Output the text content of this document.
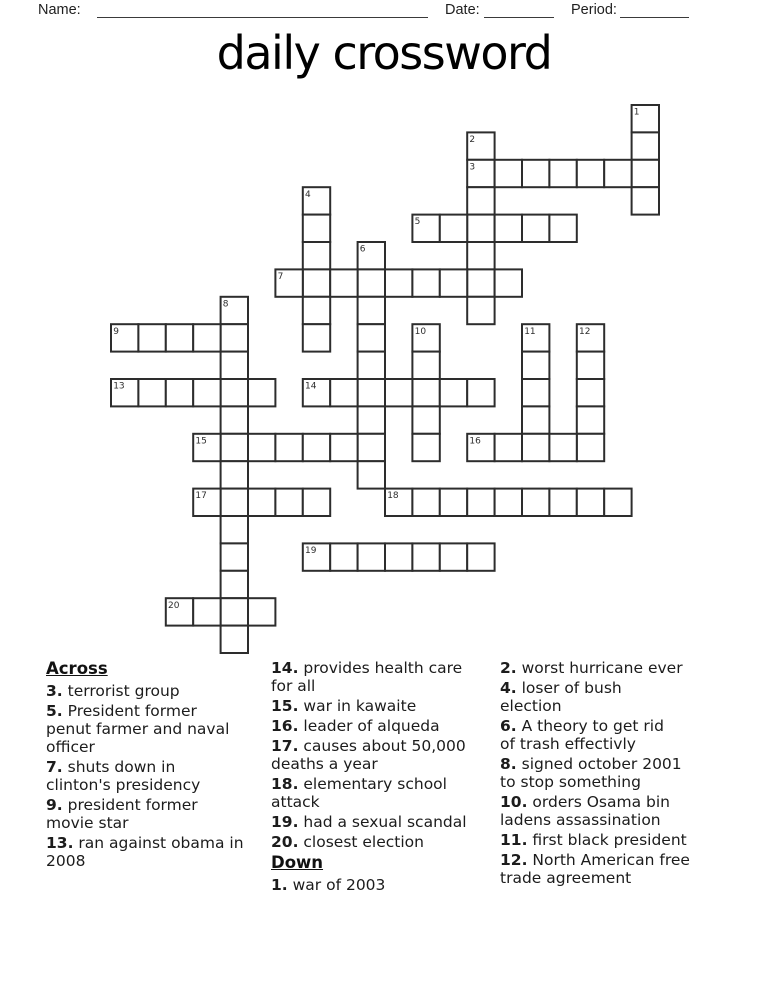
Name:	Date:	Period:
daily crossword
1
2
3
4
5
6
7
8
9	10	11	12
13	14
15	16
17	18
19
20
Across
3. terrorist group
5. President former
penut farmer and naval
officer
7. shuts down in
clinton's presidency
9. president former
movie star
13. ran against obama in
2008
14. provides health care
for all
15. war in kawaite
16. leader of alqueda
17. causes about 50,000
deaths a year
18. elementary school
attack
19. had a sexual scandal
20. closest election
Down
1. war of 2003
2. worst hurricane ever
4. loser of bush
election
6. A theory to get rid
of trash effectivly
8. signed october 2001
to stop something
10. orders Osama bin
ladens assassination
11. first black president
12. North American free
trade agreement
